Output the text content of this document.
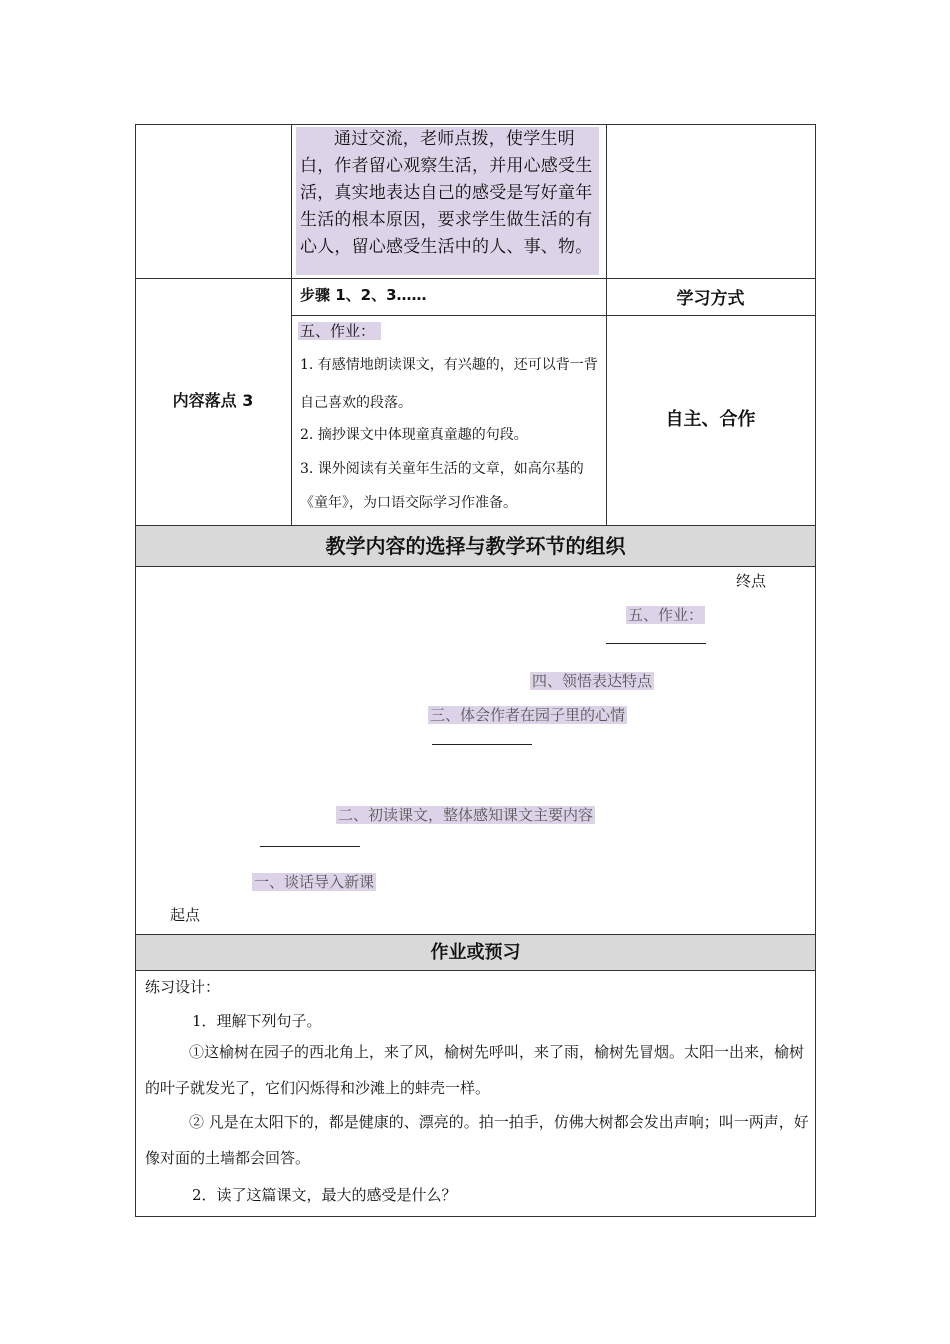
通过交流，老师点拨，使学生明白，作者留心观察生活，并用心感受生活，真实地表达自己的感受是写好童年生活的根本原因，要求学生做生活的有心人，留心感受生活中的人、事、物。
步骤 1、2、3……	学习方式
内容落点 3
五、作业：
1. 有感情地朗读课文，有兴趣的，还可以背一背自己喜欢的段落。
2. 摘抄课文中体现童真童趣的句段。
3. 课外阅读有关童年生活的文章，如高尔基的《童年》，为口语交际学习作准备。
自主、合作
教学内容的选择与教学环节的组织
终点
五、作业：
四、领悟表达特点
三、体会作者在园子里的心情
二、初读课文，整体感知课文主要内容
一、谈话导入新课
起点
作业或预习
练习设计：
1．理解下列句子。
①这榆树在园子的西北角上，来了风，榆树先呼叫，来了雨，榆树先冒烟。太阳一出来，榆树的叶子就发光了，它们闪烁得和沙滩上的蚌壳一样。
② 凡是在太阳下的，都是健康的、漂亮的。拍一拍手，仿佛大树都会发出声响；叫一两声，好像对面的土墙都会回答。
2．读了这篇课文，最大的感受是什么？
